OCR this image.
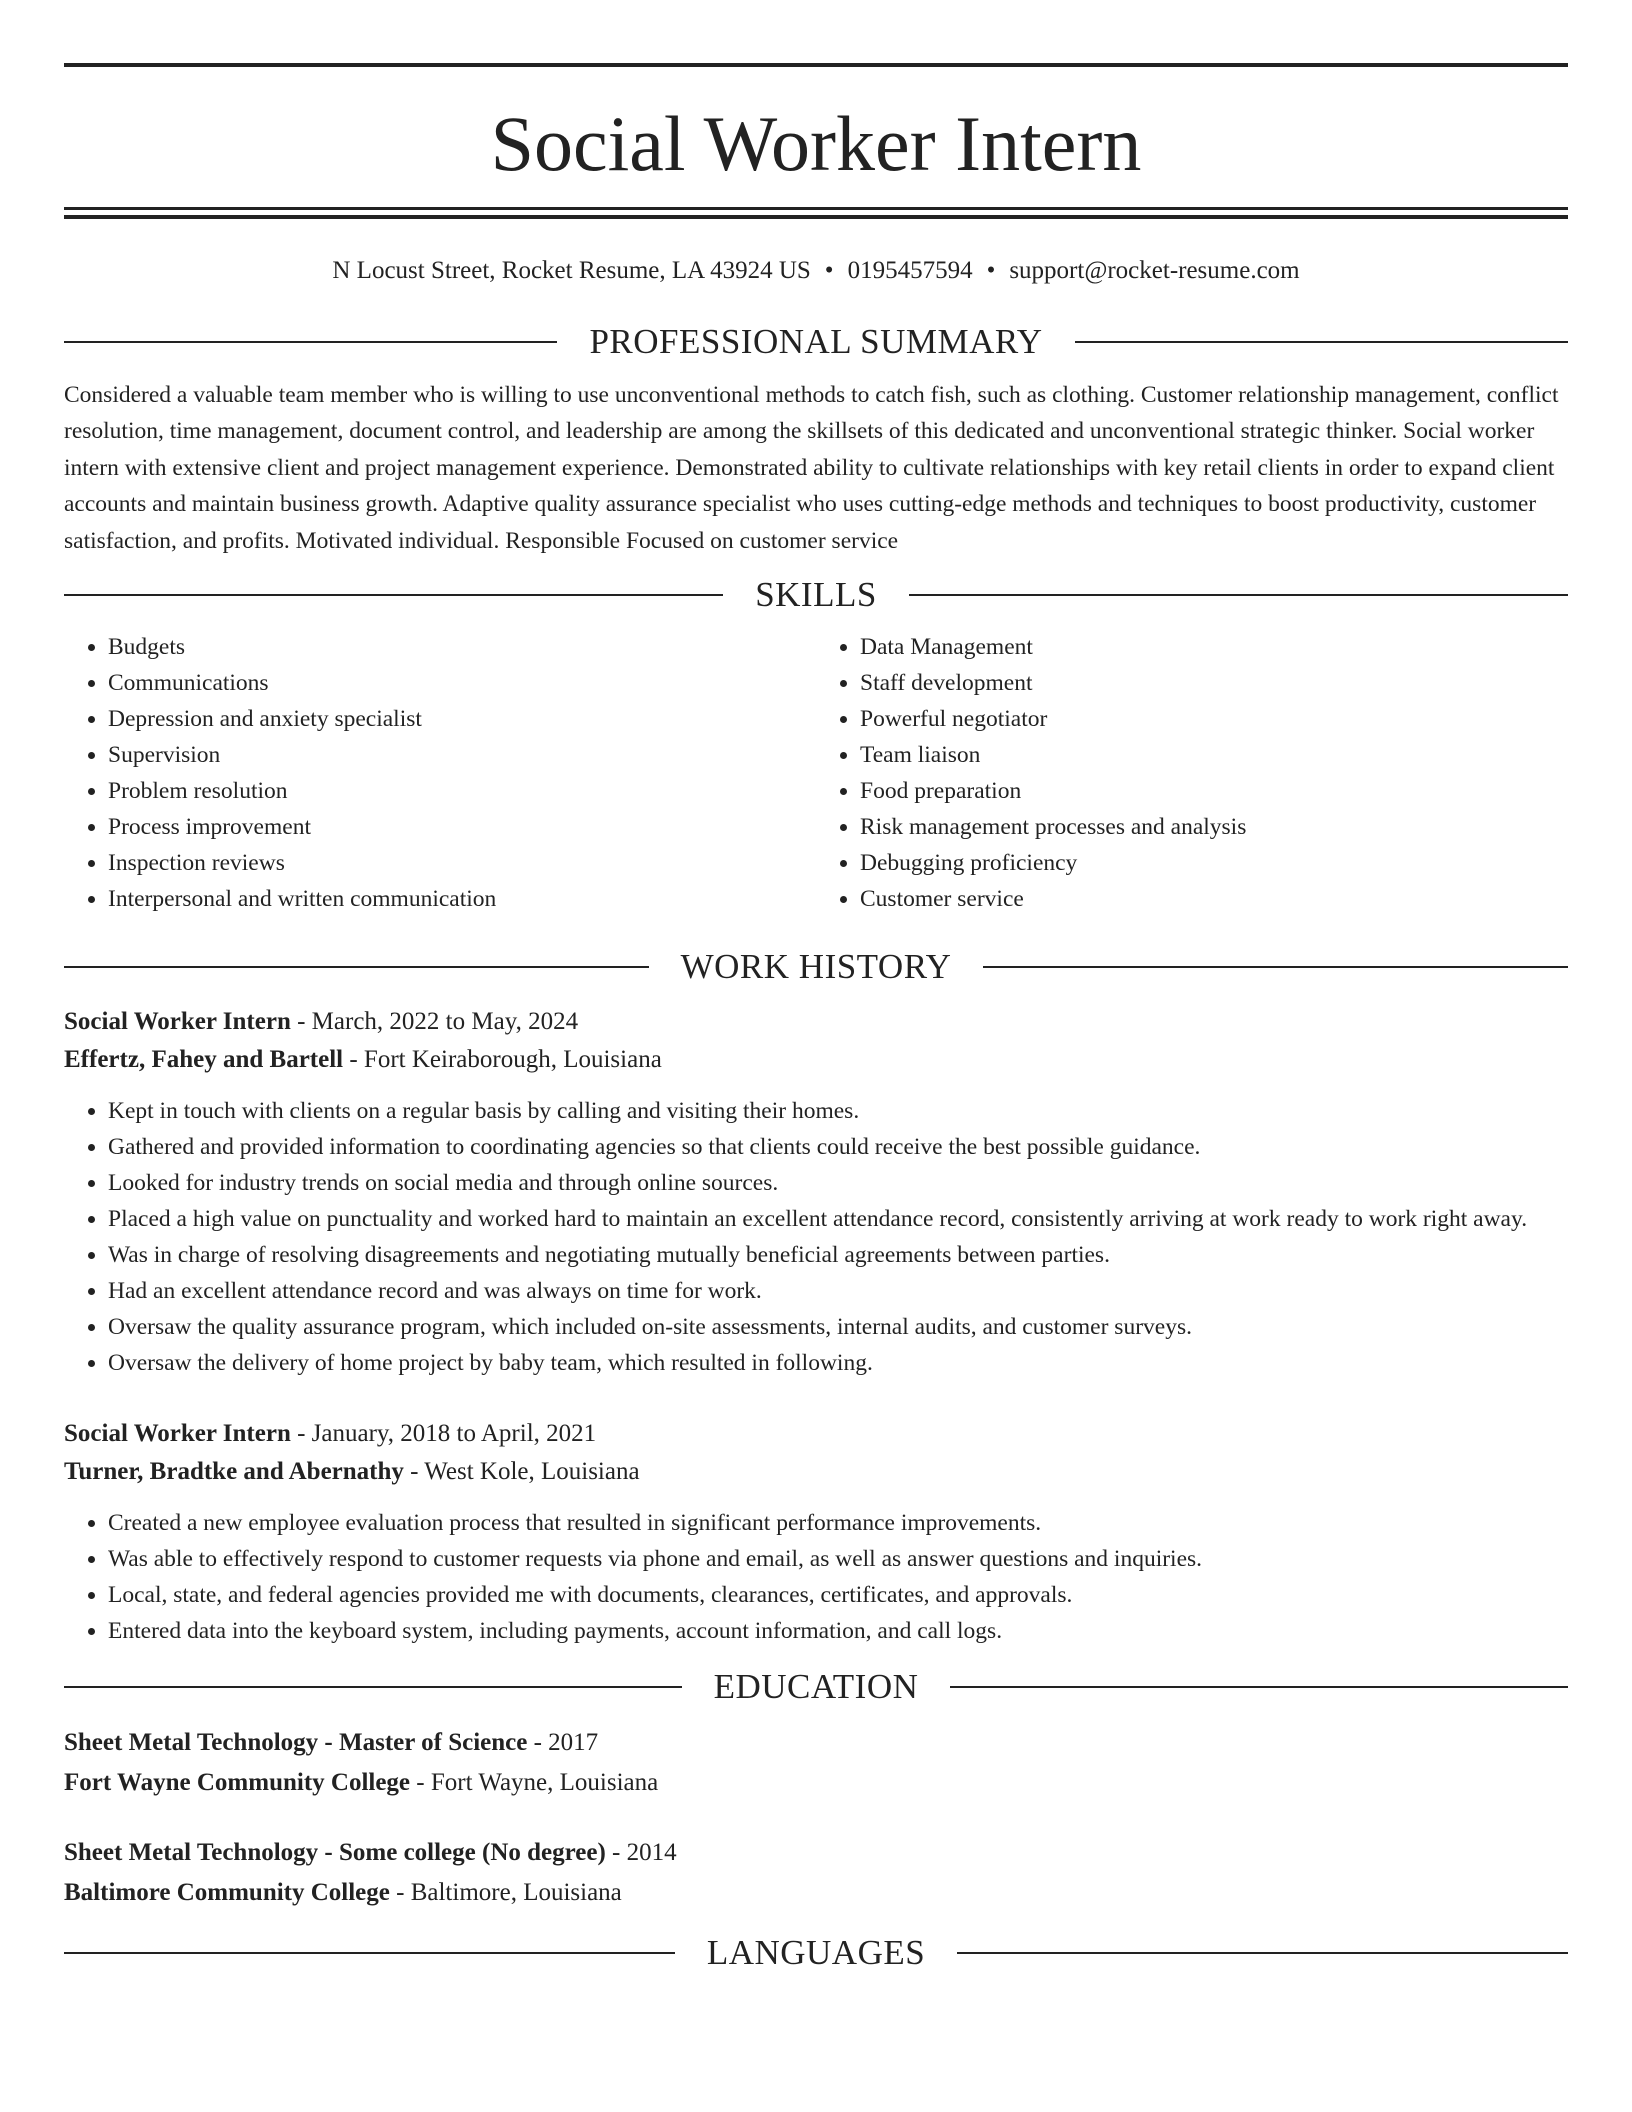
Social Worker Intern
N Locust Street, Rocket Resume, LA 43924 US • 0195457594 • support@rocket-resume.com
PROFESSIONAL SUMMARY

Considered a valuable team member who is willing to use unconventional methods to catch fish, such as clothing. Customer relationship management, conflict resolution, time management, document control, and leadership are among the skillsets of this dedicated and unconventional strategic thinker. Social worker intern with extensive client and project management experience. Demonstrated ability to cultivate relationships with key retail clients in order to expand client accounts and maintain business growth. Adaptive quality assurance specialist who uses cutting-edge methods and techniques to boost productivity, customer satisfaction, and profits. Motivated individual. Responsible Focused on customer service

SKILLS
• Budgets
• Communications
• Depression and anxiety specialist
• Supervision
• Problem resolution
• Process improvement
• Inspection reviews
• Interpersonal and written communication
• Data Management
• Staff development
• Powerful negotiator
• Team liaison
• Food preparation
• Risk management processes and analysis
• Debugging proficiency
• Customer service
WORK HISTORY
Social Worker Intern - March, 2022 to May, 2024
Effertz, Fahey and Bartell - Fort Keiraborough, Louisiana
• Kept in touch with clients on a regular basis by calling and visiting their homes.
• Gathered and provided information to coordinating agencies so that clients could receive the best possible guidance.
• Looked for industry trends on social media and through online sources.
• Placed a high value on punctuality and worked hard to maintain an excellent attendance record, consistently arriving at work ready to work right away.
• Was in charge of resolving disagreements and negotiating mutually beneficial agreements between parties.
• Had an excellent attendance record and was always on time for work.
• Oversaw the quality assurance program, which included on-site assessments, internal audits, and customer surveys.
• Oversaw the delivery of home project by baby team, which resulted in following.
Social Worker Intern - January, 2018 to April, 2021
Turner, Bradtke and Abernathy - West Kole, Louisiana
• Created a new employee evaluation process that resulted in significant performance improvements.
• Was able to effectively respond to customer requests via phone and email, as well as answer questions and inquiries.
• Local, state, and federal agencies provided me with documents, clearances, certificates, and approvals.
• Entered data into the keyboard system, including payments, account information, and call logs.
EDUCATION
Sheet Metal Technology - Master of Science - 2017
Fort Wayne Community College - Fort Wayne, Louisiana
Sheet Metal Technology - Some college (No degree) - 2014
Baltimore Community College - Baltimore, Louisiana
LANGUAGES
